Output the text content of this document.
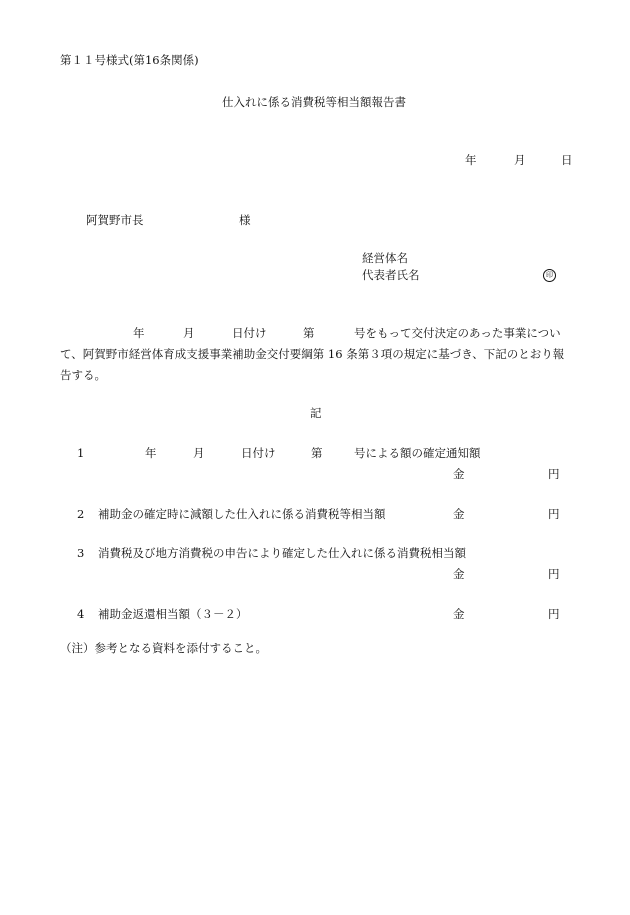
第１１号様式(第16条関係)
仕入れに係る消費税等相当額報告書
年	月	日
阿賀野市長	様
経営体名
代表者氏名	印
年	月	日付け	第	号をもって交付決定のあった事業につい
て、阿賀野市経営体育成支援事業補助金交付要綱第 16 条第３項の規定に基づき、下記のとおり報
告する。
記
1	年	月	日付け	第	号による額の確定通知額
金	円
2 補助金の確定時に減額した仕入れに係る消費税等相当額	金	円
3 消費税及び地方消費税の申告により確定した仕入れに係る消費税相当額
金	円
4 補助金返還相当額（３－２）	金	円
（注）参考となる資料を添付すること。
